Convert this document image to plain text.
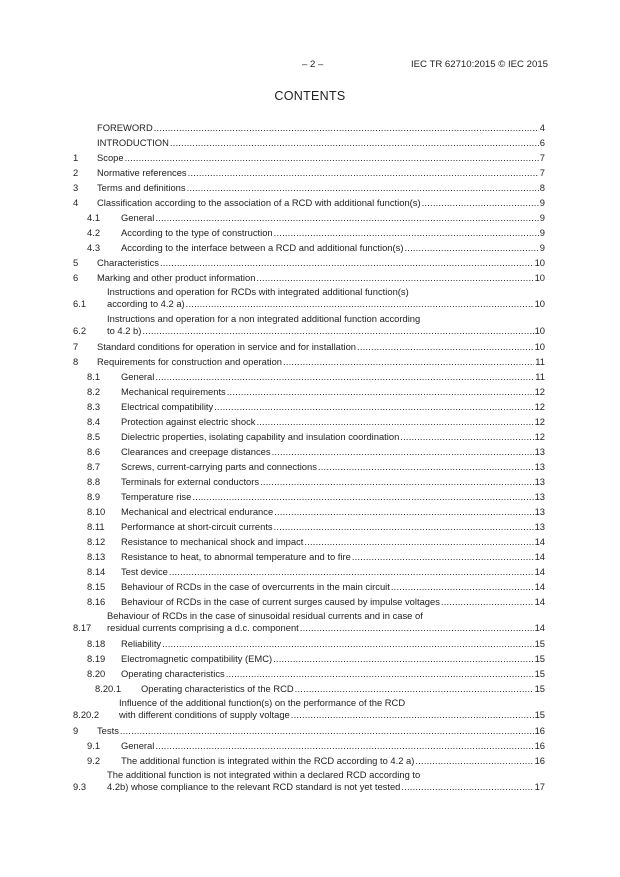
– 2 –	IEC TR 62710:2015 © IEC 2015
CONTENTS
FOREWORD .....	4
INTRODUCTION .....	6
1	Scope .....	7
2	Normative references .....	7
3	Terms and definitions .....	8
4	Classification according to the association of a RCD with additional function(s) .....	9
4.1	General .....	9
4.2	According to the type of construction .....	9
4.3	According to the interface between a RCD and additional function(s) .....	9
5	Characteristics .....	10
6	Marking and other product information .....	10
6.1
Instructions and operation for RCDs with integrated additional function(s)
according to 4.2 a) .....	10
6.2
Instructions and operation for a non integrated additional function according
to 4.2 b) .....	10
7	Standard conditions for operation in service and for installation .....	10
8	Requirements for construction and operation .....	11
8.1	General .....	11
8.2	Mechanical requirements .....	12
8.3	Electrical compatibility .....	12
8.4	Protection against electric shock .....	12
8.5	Dielectric properties, isolating capability and insulation coordination .....	12
8.6	Clearances and creepage distances .....	13
8.7	Screws, current-carrying parts and connections .....	13
8.8	Terminals for external conductors .....	13
8.9	Temperature rise .....	13
8.10	Mechanical and electrical endurance .....	13
8.11	Performance at short-circuit currents .....	13
8.12	Resistance to mechanical shock and impact .....	14
8.13	Resistance to heat, to abnormal temperature and to fire .....	14
8.14	Test device .....	14
8.15	Behaviour of RCDs in the case of overcurrents in the main circuit .....	14
8.16	Behaviour of RCDs in the case of current surges caused by impulse voltages .....	14
8.17
Behaviour of RCDs in the case of sinusoidal residual currents and in case of
residual currents comprising a d.c. component .....	14
8.18	Reliability .....	15
8.19	Electromagnetic compatibility (EMC) .....	15
8.20	Operating characteristics .....	15
8.20.1	Operating characteristics of the RCD .....	15
8.20.2
Influence of the additional function(s) on the performance of the RCD
with different conditions of supply voltage .....	15
9	Tests .....	16
9.1	General .....	16
9.2	The additional function is integrated within the RCD according to 4.2 a) .....	16
9.3
The additional function is not integrated within a declared RCD according to
4.2b) whose compliance to the relevant RCD standard is not yet tested .....	17
